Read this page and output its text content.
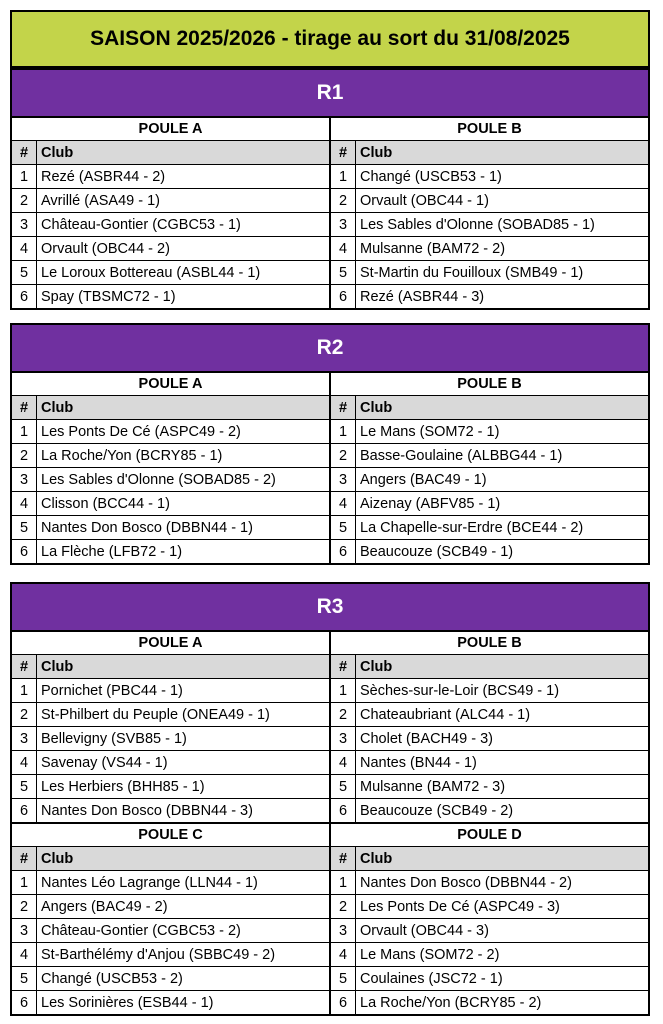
SAISON 2025/2026 - tirage au sort du 31/08/2025
R1
POULE A
# Club
1 Rezé (ASBR44 - 2)
2 Avrillé (ASA49 - 1)
3 Château-Gontier (CGBC53 - 1)
4 Orvault (OBC44 - 2)
5 Le Loroux Bottereau (ASBL44 - 1)
6 Spay (TBSMC72 - 1)
POULE B
# Club
1 Changé (USCB53 - 1)
2 Orvault (OBC44 - 1)
3 Les Sables d'Olonne (SOBAD85 - 1)
4 Mulsanne (BAM72 - 2)
5 St-Martin du Fouilloux (SMB49 - 1)
6 Rezé (ASBR44 - 3)
R2
POULE A
# Club
1 Les Ponts De Cé (ASPC49 - 2)
2 La Roche/Yon (BCRY85 - 1)
3 Les Sables d'Olonne (SOBAD85 - 2)
4 Clisson (BCC44 - 1)
5 Nantes Don Bosco (DBBN44 - 1)
6 La Flèche (LFB72 - 1)
POULE B
# Club
1 Le Mans (SOM72 - 1)
2 Basse-Goulaine (ALBBG44 - 1)
3 Angers (BAC49 - 1)
4 Aizenay (ABFV85 - 1)
5 La Chapelle-sur-Erdre (BCE44 - 2)
6 Beaucouze (SCB49 - 1)
R3
POULE A
# Club
1 Pornichet (PBC44 - 1)
2 St-Philbert du Peuple (ONEA49 - 1)
3 Bellevigny (SVB85 - 1)
4 Savenay (VS44 - 1)
5 Les Herbiers (BHH85 - 1)
6 Nantes Don Bosco (DBBN44 - 3)
POULE B
# Club
1 Sèches-sur-le-Loir (BCS49 - 1)
2 Chateaubriant (ALC44 - 1)
3 Cholet (BACH49 - 3)
4 Nantes (BN44 - 1)
5 Mulsanne (BAM72 - 3)
6 Beaucouze (SCB49 - 2)
POULE C
# Club
1 Nantes Léo Lagrange (LLN44 - 1)
2 Angers (BAC49 - 2)
3 Château-Gontier (CGBC53 - 2)
4 St-Barthélémy d'Anjou (SBBC49 - 2)
5 Changé (USCB53 - 2)
6 Les Sorinières (ESB44 - 1)
POULE D
# Club
1 Nantes Don Bosco (DBBN44 - 2)
2 Les Ponts De Cé (ASPC49 - 3)
3 Orvault (OBC44 - 3)
4 Le Mans (SOM72 - 2)
5 Coulaines (JSC72 - 1)
6 La Roche/Yon (BCRY85 - 2)
